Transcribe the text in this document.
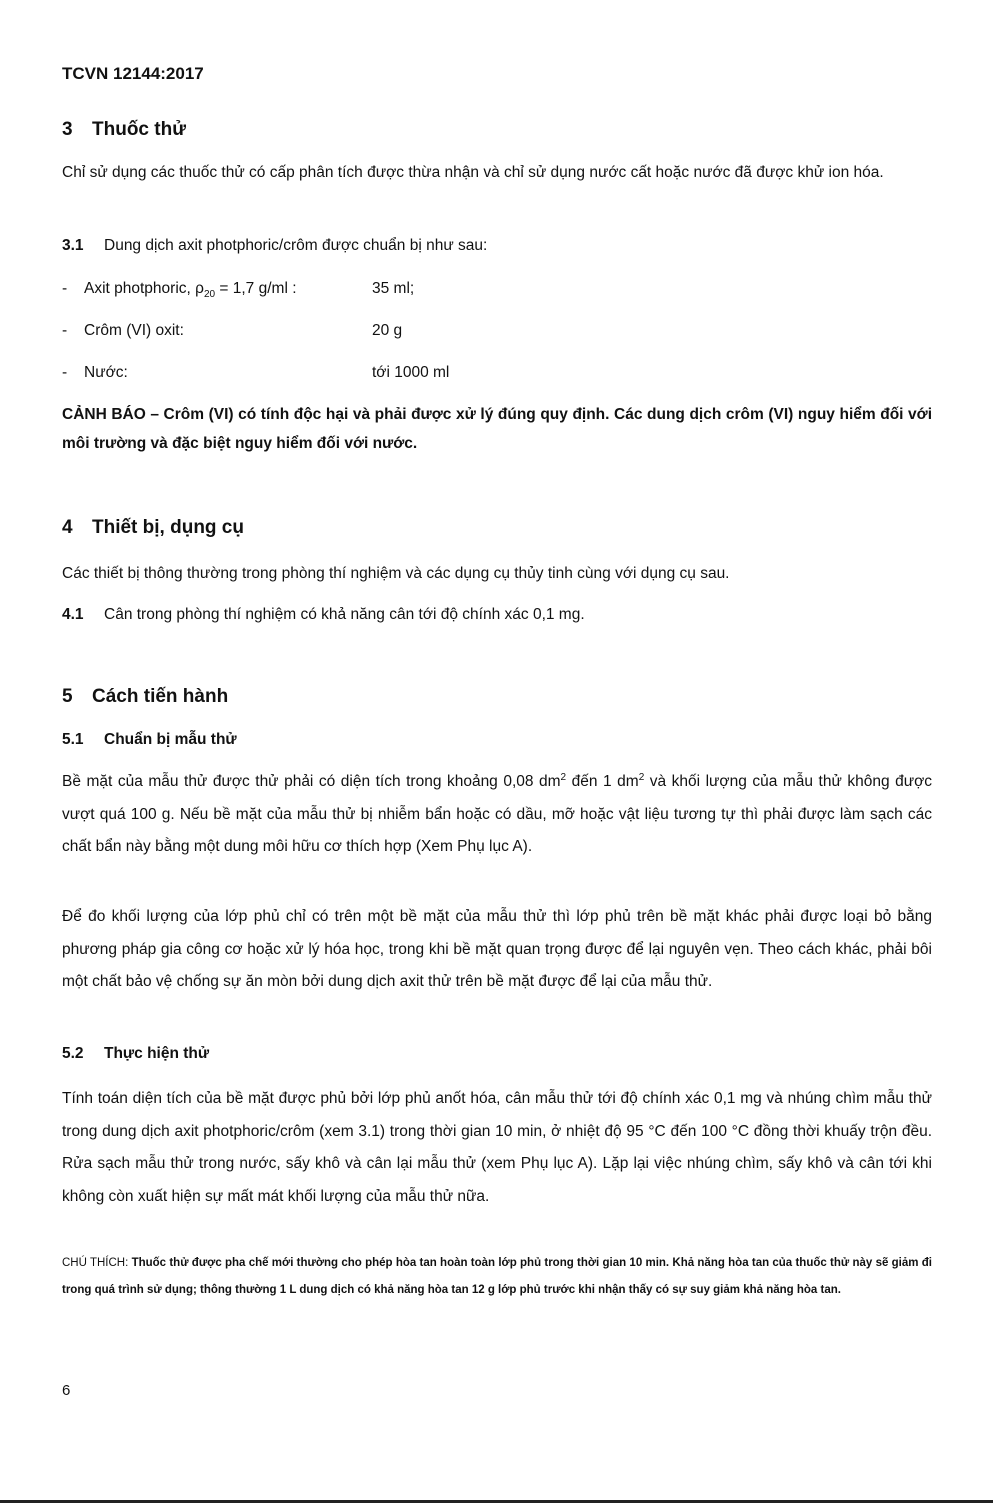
TCVN 12144:2017
3 Thuốc thử
Chỉ sử dụng các thuốc thử có cấp phân tích được thừa nhận và chỉ sử dụng nước cất hoặc nước đã được khử ion hóa.
3.1 Dung dịch axit photphoric/crôm được chuẩn bị như sau:
- Axit photphoric, $\rho_{20} = 1,7$ g/ml :	35 ml;
- Crôm (VI) oxit:	20 g
- Nước:	tới 1000 ml
CẢNH BÁO – Crôm (VI) có tính độc hại và phải được xử lý đúng quy định. Các dung dịch crôm (VI) nguy hiểm đối với môi trường và đặc biệt nguy hiểm đối với nước.
4 Thiết bị, dụng cụ
Các thiết bị thông thường trong phòng thí nghiệm và các dụng cụ thủy tinh cùng với dụng cụ sau.
4.1 Cân trong phòng thí nghiệm có khả năng cân tới độ chính xác 0,1 mg.
5 Cách tiến hành
5.1 Chuẩn bị mẫu thử
Bề mặt của mẫu thử được thử phải có diện tích trong khoảng 0,08 $dm^2$ đến 1 $dm^2$ và khối lượng của mẫu thử không được vượt quá 100 g. Nếu bề mặt của mẫu thử bị nhiễm bẩn hoặc có dầu, mỡ hoặc vật liệu tương tự thì phải được làm sạch các chất bẩn này bằng một dung môi hữu cơ thích hợp (Xem Phụ lục A).
Để đo khối lượng của lớp phủ chỉ có trên một bề mặt của mẫu thử thì lớp phủ trên bề mặt khác phải được loại bỏ bằng phương pháp gia công cơ hoặc xử lý hóa học, trong khi bề mặt quan trọng được để lại nguyên vẹn. Theo cách khác, phải bôi một chất bảo vệ chống sự ăn mòn bởi dung dịch axit thử trên bề mặt được để lại của mẫu thử.
5.2 Thực hiện thử
Tính toán diện tích của bề mặt được phủ bởi lớp phủ anốt hóa, cân mẫu thử tới độ chính xác 0,1 mg và nhúng chìm mẫu thử trong dung dịch axit photphoric/crôm (xem 3.1) trong thời gian 10 min, ở nhiệt độ 95 °C đến 100 °C đồng thời khuấy trộn đều. Rửa sạch mẫu thử trong nước, sấy khô và cân lại mẫu thử (xem Phụ lục A). Lặp lại việc nhúng chìm, sấy khô và cân tới khi không còn xuất hiện sự mất mát khối lượng của mẫu thử nữa.
CHÚ THÍCH: Thuốc thử được pha chế mới thường cho phép hòa tan hoàn toàn lớp phủ trong thời gian 10 min. Khả năng hòa tan của thuốc thử này sẽ giảm đi trong quá trình sử dụng; thông thường 1 L dung dịch có khả năng hòa tan 12 g lớp phủ trước khi nhận thấy có sự suy giảm khả năng hòa tan.
6
